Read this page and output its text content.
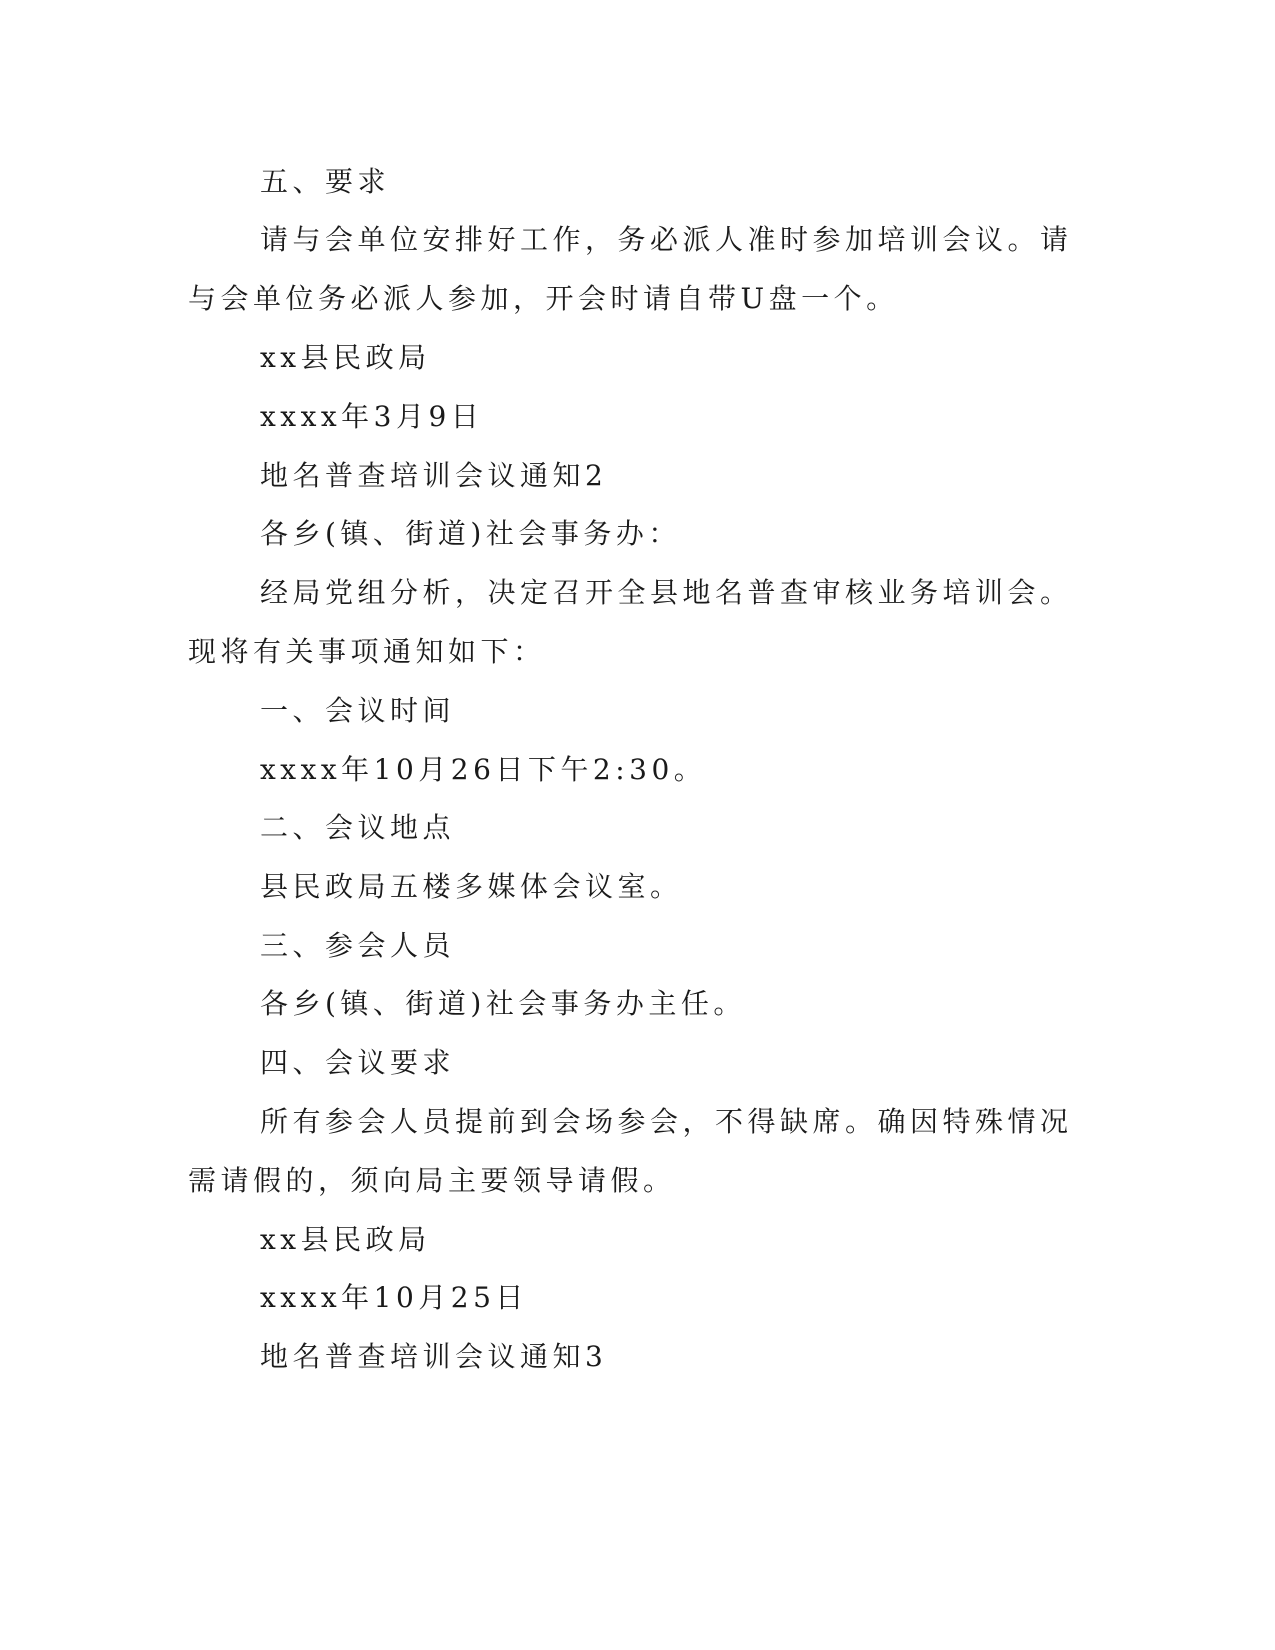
五、要求

请与会单位安排好工作，务必派人准时参加培训会议。请与会单位务必派人参加，开会时请自带U盘一个。

xx县民政局

xxxx年3月9日

地名普查培训会议通知2

各乡(镇、街道)社会事务办：

经局党组分析，决定召开全县地名普查审核业务培训会。现将有关事项通知如下：

一、会议时间

xxxx年10月26日下午2:30。

二、会议地点

县民政局五楼多媒体会议室。

三、参会人员

各乡(镇、街道)社会事务办主任。

四、会议要求

所有参会人员提前到会场参会，不得缺席。确因特殊情况需请假的，须向局主要领导请假。

xx县民政局

xxxx年10月25日

地名普查培训会议通知3
